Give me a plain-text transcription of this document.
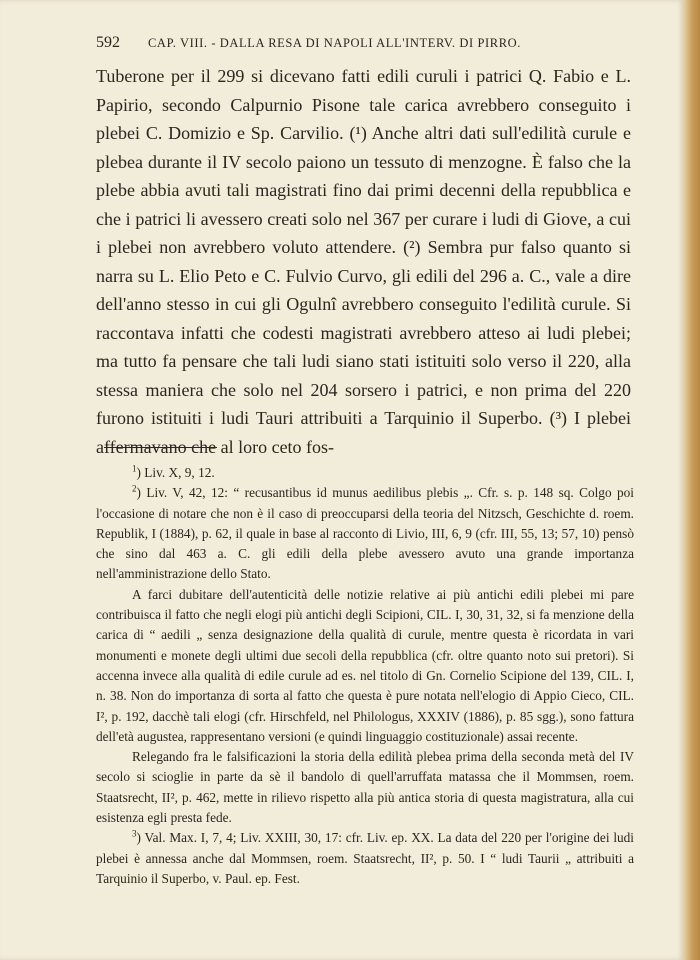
592	CAP. VIII. - DALLA RESA DI NAPOLI ALL'INTERV. DI PIRRO.

Tuberone per il 299 si dicevano fatti edili curuli i patrici Q. Fabio e L. Papirio, secondo Calpurnio Pisone tale carica avrebbero conseguito i plebei C. Domizio e Sp. Carvilio. (¹) Anche altri dati sull'edilità curule e plebea durante il IV secolo paiono un tessuto di menzogne. È falso che la plebe abbia avuti tali magistrati fino dai primi decenni della repubblica e che i patrici li avessero creati solo nel 367 per curare i ludi di Giove, a cui i plebei non avrebbero voluto attendere. (²) Sembra pur falso quanto si narra su L. Elio Peto e C. Fulvio Curvo, gli edili del 296 a. C., vale a dire dell'anno stesso in cui gli Ogulnî avrebbero conseguito l'edilità curule. Si raccontava infatti che codesti magistrati avrebbero atteso ai ludi plebei; ma tutto fa pensare che tali ludi siano stati istituiti solo verso il 220, alla stessa maniera che solo nel 204 sorsero i patrici, e non prima del 220 furono istituiti i ludi Tauri attribuiti a Tarquinio il Superbo. (³) I plebei affermavano che al loro ceto fos-

$^1$) Liv. X, 9, 12.

$^2$) Liv. V, 42, 12: “ recusantibus id munus aedilibus plebis „. Cfr. s. p. 148 sq. Colgo poi l'occasione di notare che non è il caso di preoccuparsi della teoria del Nitzsch, Geschichte d. roem. Republik, I (1884), p. 62, il quale in base al racconto di Livio, III, 6, 9 (cfr. III, 55, 13; 57, 10) pensò che sino dal 463 a. C. gli edili della plebe avessero avuto una grande importanza nell'amministrazione dello Stato.

A farci dubitare dell'autenticità delle notizie relative ai più antichi edili plebei mi pare contribuisca il fatto che negli elogi più antichi degli Scipioni, CIL. I, 30, 31, 32, si fa menzione della carica di “ aedili „ senza designazione della qualità di curule, mentre questa è ricordata in vari monumenti e monete degli ultimi due secoli della repubblica (cfr. oltre quanto noto sui pretori). Si accenna invece alla qualità di edile curule ad es. nel titolo di Gn. Cornelio Scipione del 139, CIL. I, n. 38. Non do importanza di sorta al fatto che questa è pure notata nell'elogio di Appio Cieco, CIL. I², p. 192, dacchè tali elogi (cfr. Hirschfeld, nel Philologus, XXXIV (1886), p. 85 sgg.), sono fattura dell'età augustea, rappresentano versioni (e quindi linguaggio costituzionale) assai recente.

Relegando fra le falsificazioni la storia della edilità plebea prima della seconda metà del IV secolo si scioglie in parte da sè il bandolo di quell'arruffata matassa che il Mommsen, roem. Staatsrecht, II², p. 462, mette in rilievo rispetto alla più antica storia di questa magistratura, alla cui esistenza egli presta fede.

$^3$) Val. Max. I, 7, 4; Liv. XXIII, 30, 17: cfr. Liv. ep. XX. La data del 220 per l'origine dei ludi plebei è annessa anche dal Mommsen, roem. Staatsrecht, II², p. 50. I “ ludi Taurii „ attribuiti a Tarquinio il Superbo, v. Paul. ep. Fest.
